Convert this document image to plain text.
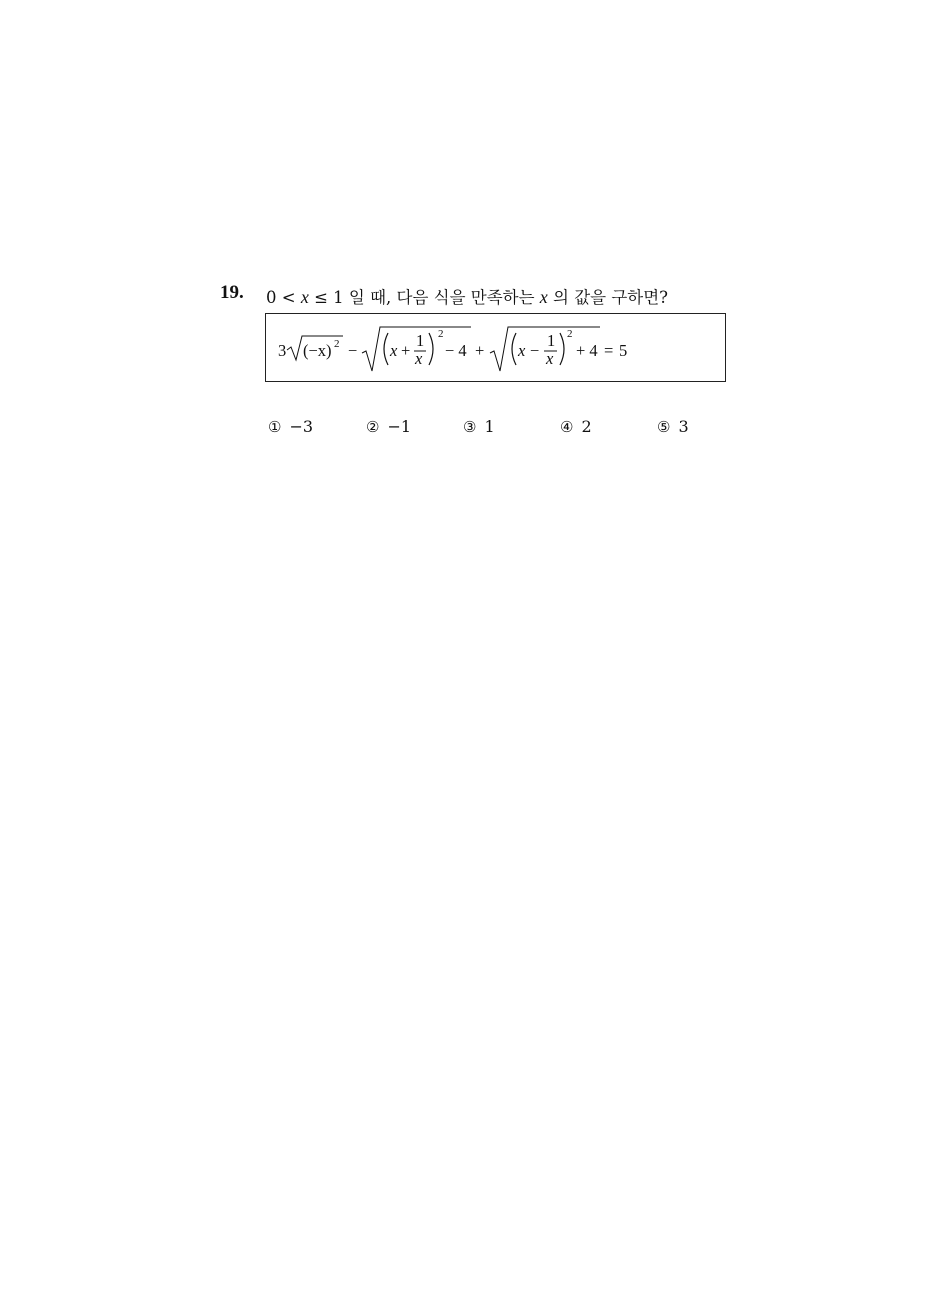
19. 0 < x ≤ 1 일 때, 다음 식을 만족하는 x 의 값을 구하면?
3 (−x) 2 − x +
1
x
2
− 4 + x −
1
x
2
+ 4 = 5
① −3	② −1	③ 1	④ 2	⑤ 3
